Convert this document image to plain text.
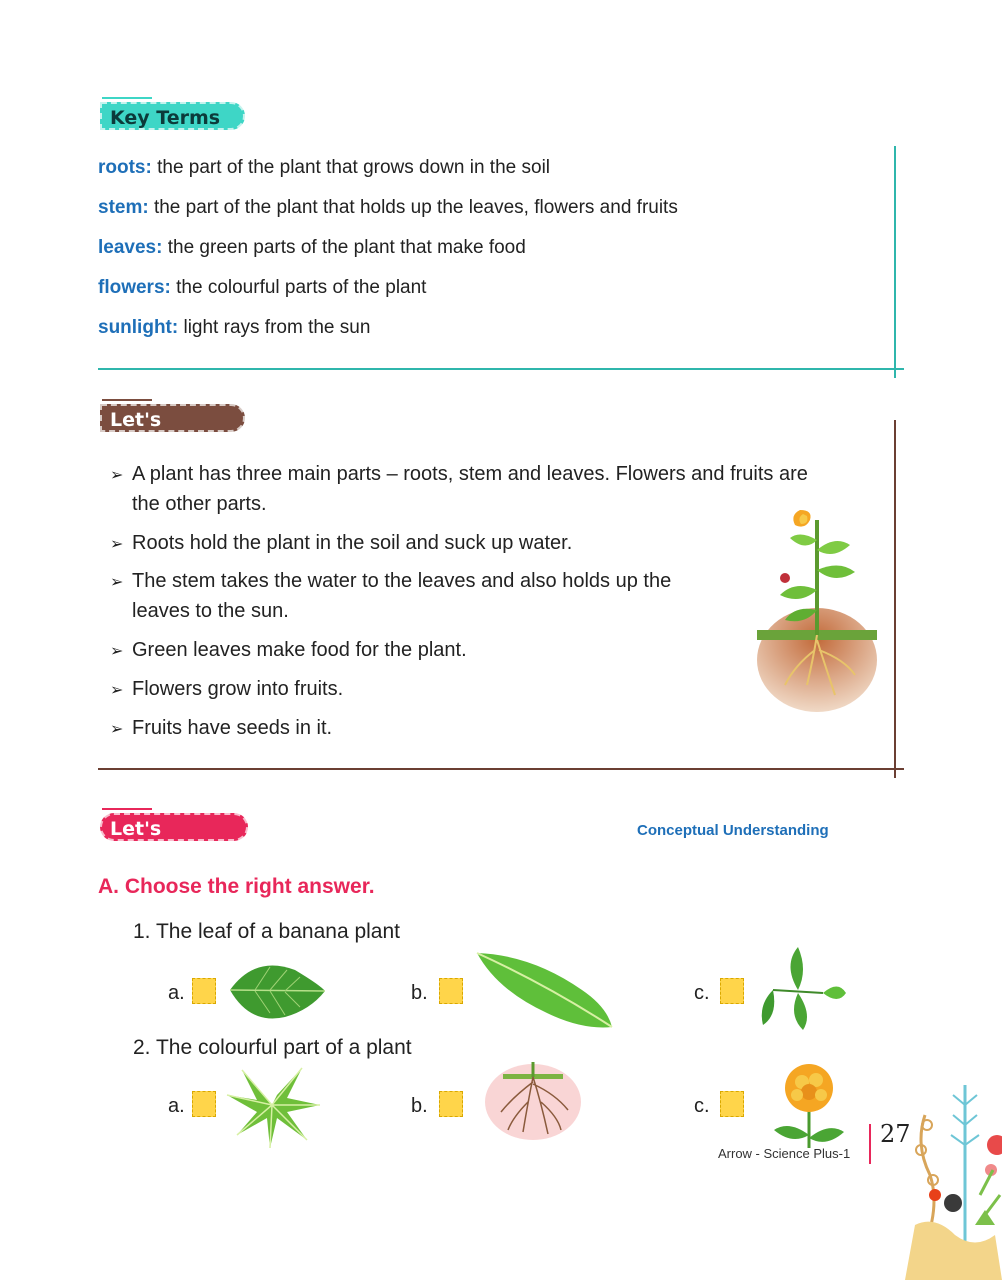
Key Terms
roots: the part of the plant that grows down in the soil
stem: the part of the plant that holds up the leaves, flowers and fruits
leaves: the green parts of the plant that make food
flowers: the colourful parts of the plant
sunlight: light rays from the sun
Let's Recall
➢ A plant has three main parts – roots, stem and leaves. Flowers and fruits are
the other parts.
➢ Roots hold the plant in the soil and suck up water.
➢ The stem takes the water to the leaves and also holds up the
leaves to the sun.
➢ Green leaves make food for the plant.
➢ Flowers grow into fruits.
➢ Fruits have seeds in it.
Let's Revise
Conceptual Understanding
A. Choose the right answer.
1. The leaf of a banana plant
a.	b.	c.
2. The colourful part of a plant
a.	b.	c.
Arrow - Science Plus-1
27
